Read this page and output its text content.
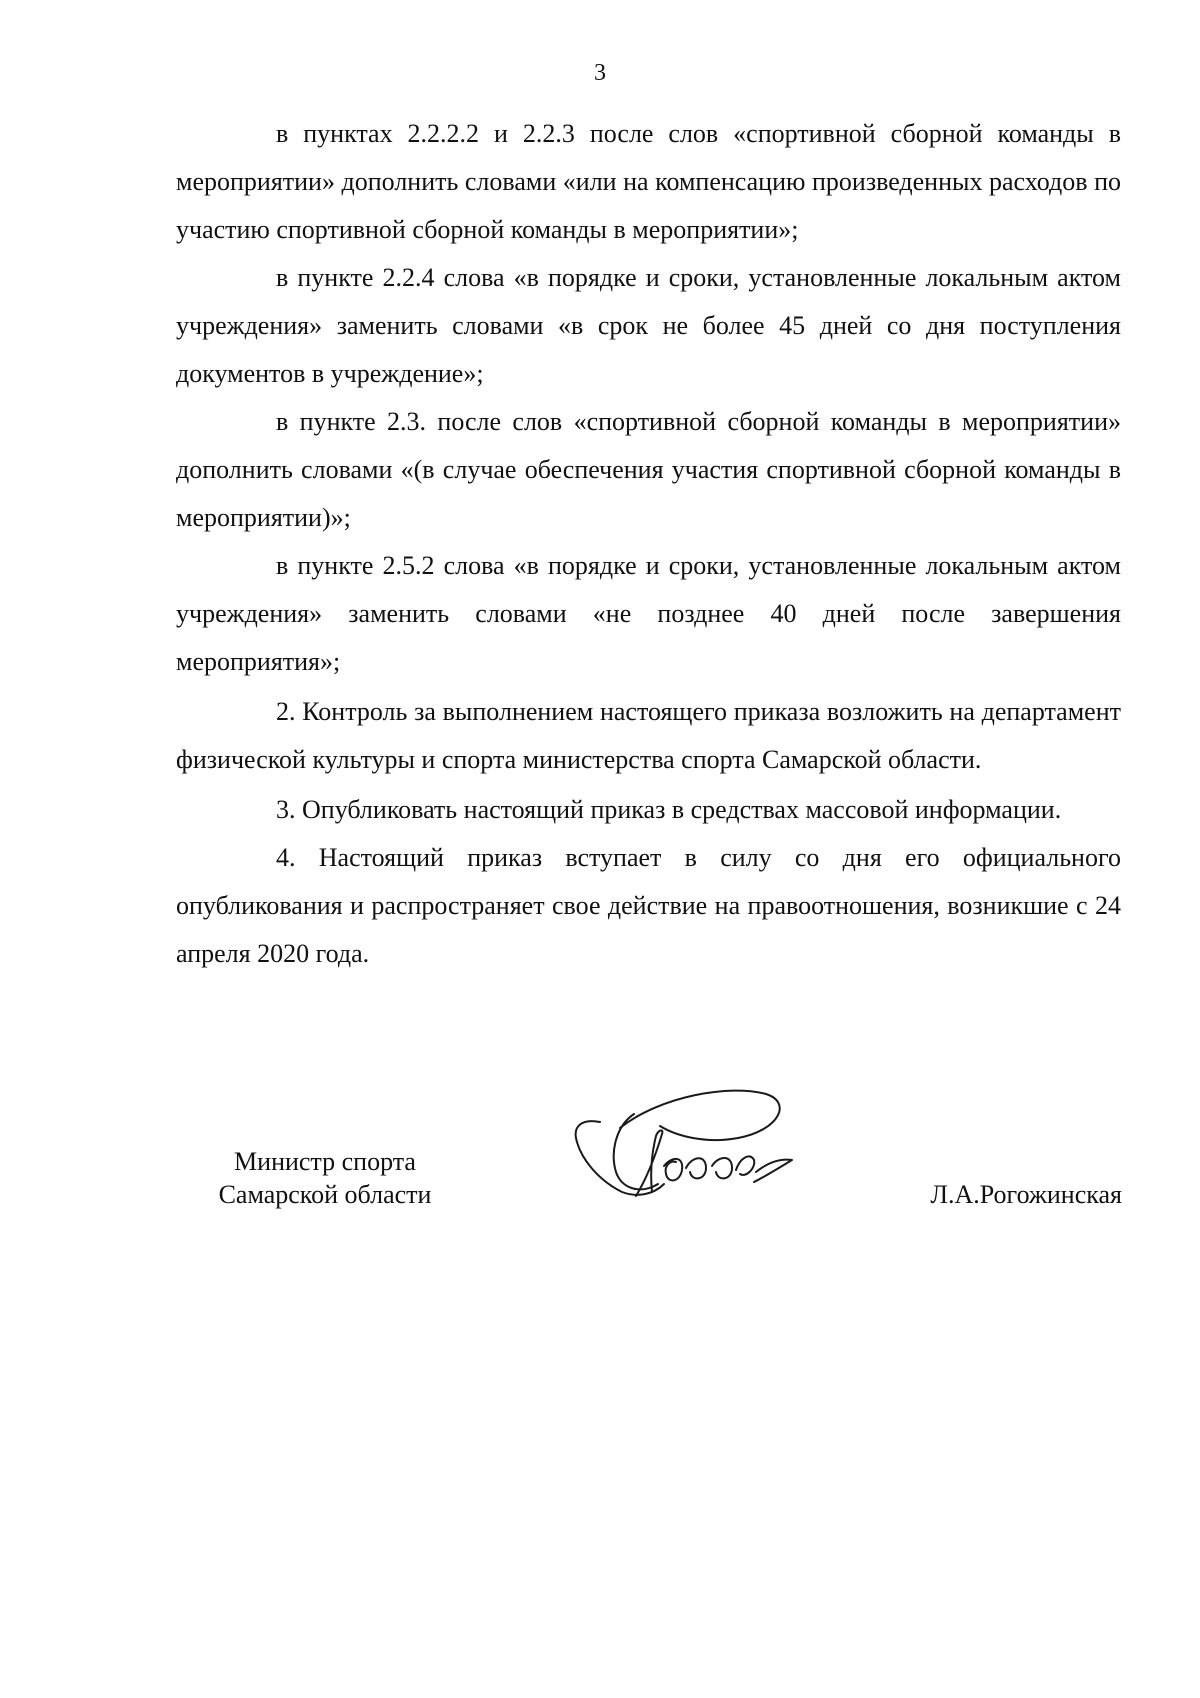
3

в пунктах 2.2.2.2 и 2.2.3 после слов «спортивной сборной команды в мероприятии» дополнить словами «или на компенсацию произведенных расходов по участию спортивной сборной команды в мероприятии»;

в пункте 2.2.4 слова «в порядке и сроки, установленные локальным актом учреждения» заменить словами «в срок не более 45 дней со дня поступления документов в учреждение»;

в пункте 2.3. после слов «спортивной сборной команды в мероприятии» дополнить словами «(в случае обеспечения участия спортивной сборной команды в мероприятии)»;

в пункте 2.5.2 слова «в порядке и сроки, установленные локальным актом учреждения» заменить словами «не позднее 40 дней после завершения мероприятия»;

2. Контроль за выполнением настоящего приказа возложить на департамент физической культуры и спорта министерства спорта Самарской области.

3. Опубликовать настоящий приказ в средствах массовой информации.

4. Настоящий приказ вступает в силу со дня его официального опубликования и распространяет свое действие на правоотношения, возникшие с 24 апреля 2020 года.

Министр спорта
Самарской области	Л.А.Рогожинская
